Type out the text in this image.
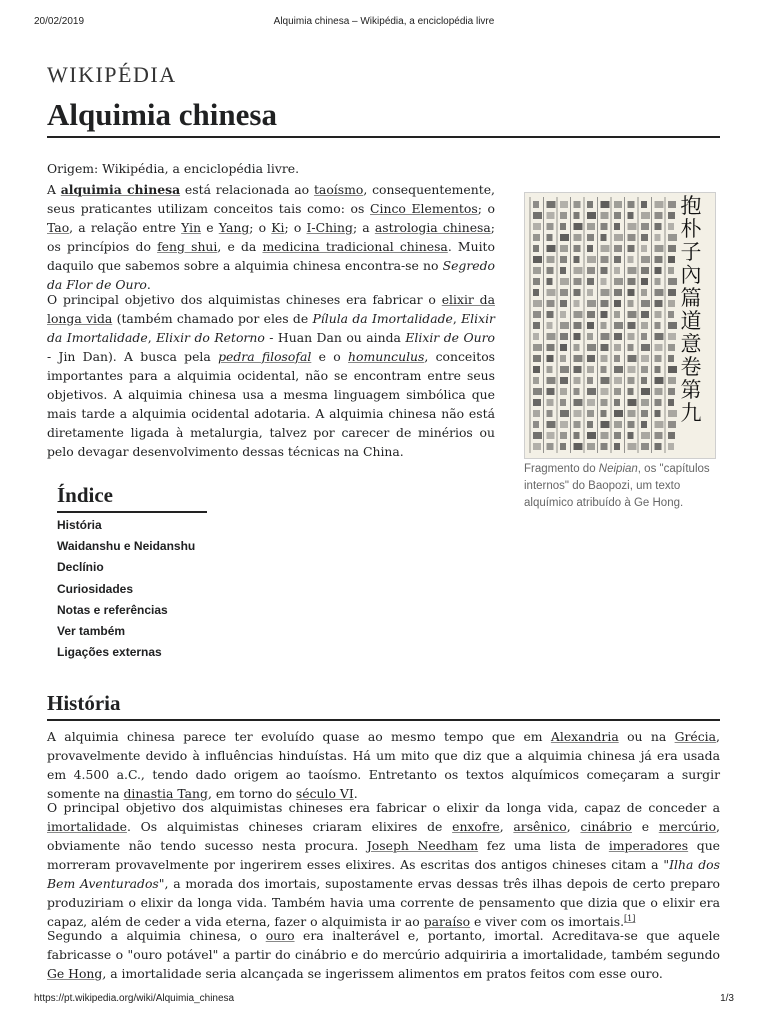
20/02/2019	Alquimia chinesa – Wikipédia, a enciclopédia livre
WIKIPÉDIA
Alquimia chinesa

Origem: Wikipédia, a enciclopédia livre.

A alquimia chinesa está relacionada ao taoísmo, consequentemente, seus praticantes utilizam conceitos tais como: os Cinco Elementos; o Tao, a relação entre Yin e Yang; o Ki; o I-Ching; a astrologia chinesa; os princípios do feng shui, e da medicina tradicional chinesa. Muito daquilo que sabemos sobre a alquimia chinesa encontra-se no Segredo da Flor de Ouro.

O principal objetivo dos alquimistas chineses era fabricar o elixir da longa vida (também chamado por eles de Pílula da Imortalidade, Elixir da Imortalidade, Elixir do Retorno - Huan Dan ou ainda Elixir de Ouro - Jin Dan). A busca pela pedra filosofal e o homunculus, conceitos importantes para a alquimia ocidental, não se encontram entre seus objetivos. A alquimia chinesa usa a mesma linguagem simbólica que mais tarde a alquimia ocidental adotaria. A alquimia chinesa não está diretamente ligada à metalurgia, talvez por carecer de minérios ou pelo devagar desenvolvimento dessas técnicas na China.

抱
朴
子
內
篇
道
意
卷
第
九
Fragmento do Neipian, os "capítulos internos" do Baopozi, um texto alquímico atribuído à Ge Hong.
Índice
História
Waidanshu e Neidanshu
Declínio
Curiosidades
Notas e referências
Ver também
Ligações externas
História

A alquimia chinesa parece ter evoluído quase ao mesmo tempo que em Alexandria ou na Grécia, provavelmente devido à influências hinduístas. Há um mito que diz que a alquimia chinesa já era usada em 4.500 a.C., tendo dado origem ao taoísmo. Entretanto os textos alquímicos começaram a surgir somente na dinastia Tang, em torno do século VI.

O principal objetivo dos alquimistas chineses era fabricar o elixir da longa vida, capaz de conceder a imortalidade. Os alquimistas chineses criaram elixires de enxofre, arsênico, cinábrio e mercúrio, obviamente não tendo sucesso nesta procura. Joseph Needham fez uma lista de imperadores que morreram provavelmente por ingerirem esses elixires. As escritas dos antigos chineses citam a "Ilha dos Bem Aventurados", a morada dos imortais, supostamente ervas dessas três ilhas depois de certo preparo produziriam o elixir da longa vida. Também havia uma corrente de pensamento que dizia que o elixir era capaz, além de ceder a vida eterna, fazer o alquimista ir ao paraíso e viver com os imortais.[1]

Segundo a alquimia chinesa, o ouro era inalterável e, portanto, imortal. Acreditava-se que aquele fabricasse o "ouro potável" a partir do cinábrio e do mercúrio adquiriria a imortalidade, também segundo Ge Hong, a imortalidade seria alcançada se ingerissem alimentos em pratos feitos com esse ouro.

https://pt.wikipedia.org/wiki/Alquimia_chinesa	1/3
